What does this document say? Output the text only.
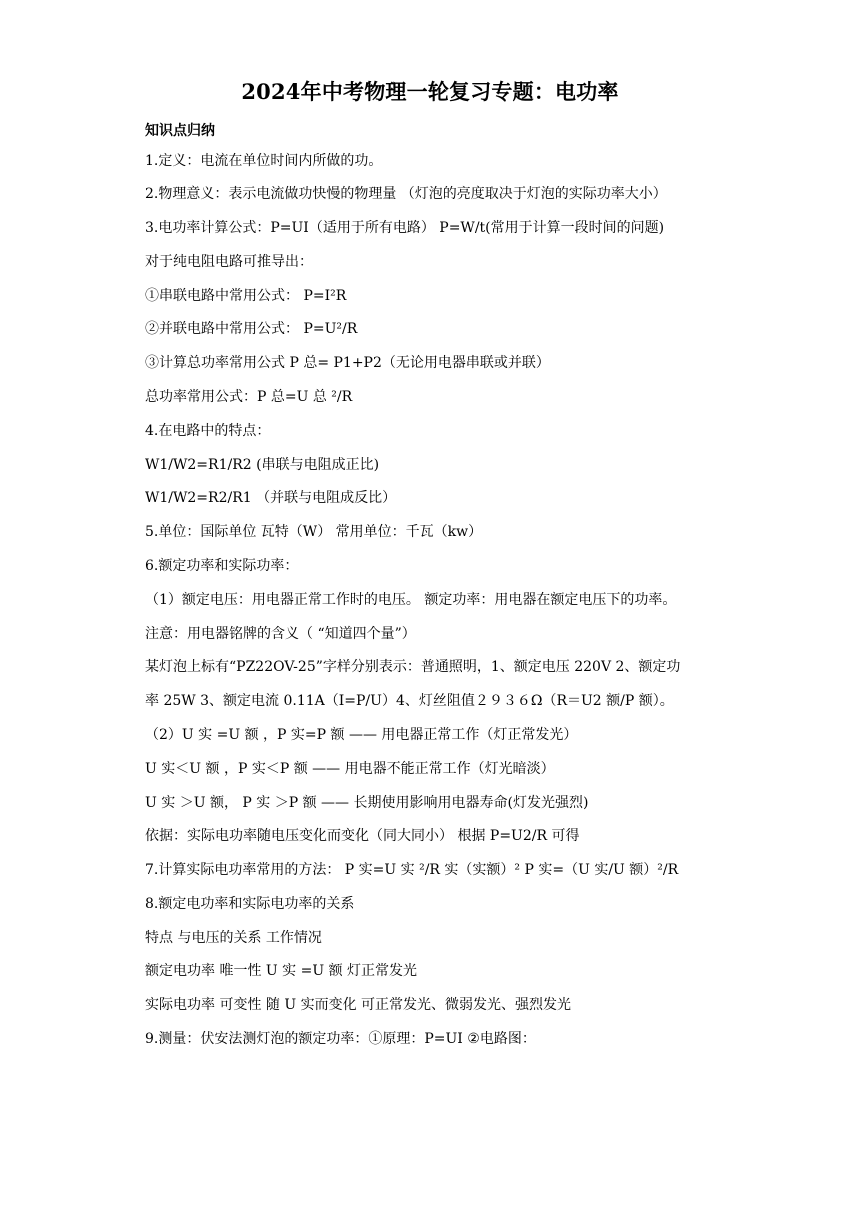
2024年中考物理一轮复习专题：电功率
知识点归纳
1.定义：电流在单位时间内所做的功。
2.物理意义：表示电流做功快慢的物理量 （灯泡的亮度取决于灯泡的实际功率大小）
3.电功率计算公式：P=UI（适用于所有电路） P=W/t(常用于计算一段时间的问题)
对于纯电阻电路可推导出：
①串联电路中常用公式： P=I²R
②并联电路中常用公式： P=U²/R
③计算总功率常用公式 P 总= P1+P2（无论用电器串联或并联）
总功率常用公式：P 总=U 总 ²/R
4.在电路中的特点：
W1/W2=R1/R2 (串联与电阻成正比)
W1/W2=R2/R1 （并联与电阻成反比）
5.单位：国际单位 瓦特（W） 常用单位：千瓦（kw）
6.额定功率和实际功率：
（1）额定电压：用电器正常工作时的电压。 额定功率：用电器在额定电压下的功率。
注意：用电器铭牌的含义（ “知道四个量”）
某灯泡上标有“PZ22OV-25”字样分别表示：普通照明，1、额定电压 220V 2、额定功
率 25W 3、额定电流 0.11A（I=P/U）4、灯丝阻值２９３６Ω（R＝U2 额/P 额）。
（2）U 实 =U 额 ，P 实=P 额 —— 用电器正常工作（灯正常发光）
U 实＜U 额 ，P 实＜P 额 —— 用电器不能正常工作（灯光暗淡）
U 实 ＞U 额， P 实 ＞P 额 —— 长期使用影响用电器寿命(灯发光强烈)
依据：实际电功率随电压变化而变化（同大同小） 根据 P=U2/R 可得
7.计算实际电功率常用的方法： P 实=U 实 ²/R 实（实额）² P 实=（U 实/U 额）²/R
8.额定电功率和实际电功率的关系
特点 与电压的关系 工作情况
额定电功率 唯一性 U 实 =U 额 灯正常发光
实际电功率 可变性 随 U 实而变化 可正常发光、微弱发光、强烈发光
9.测量：伏安法测灯泡的额定功率：①原理：P=UI ②电路图：
